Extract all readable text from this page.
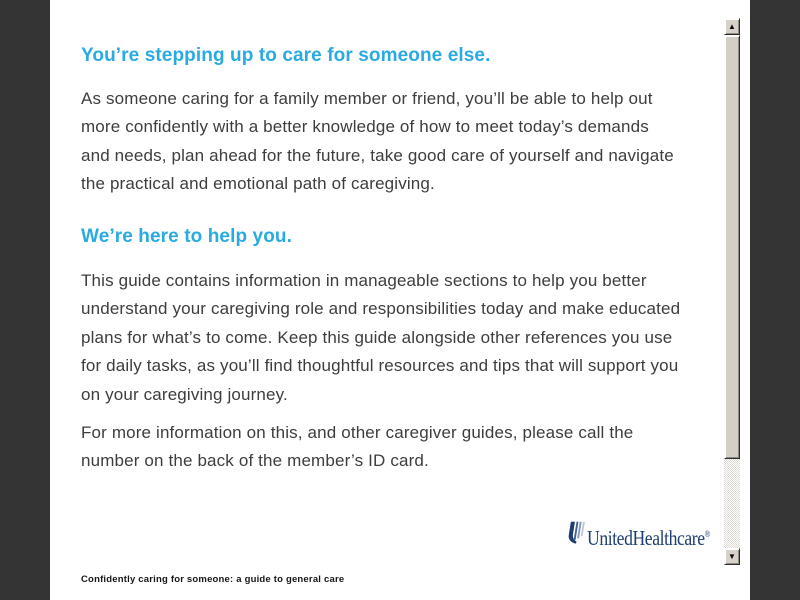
You’re stepping up to care for someone else.
As someone caring for a family member or friend, you’ll be able to help out
more confidently with a better knowledge of how to meet today’s demands
and needs, plan ahead for the future, take good care of yourself and navigate
the practical and emotional path of caregiving.
We’re here to help you.
This guide contains information in manageable sections to help you better
understand your caregiving role and responsibilities today and make educated
plans for what’s to come. Keep this guide alongside other references you use
for daily tasks, as you’ll find thoughtful resources and tips that will support you
on your caregiving journey.
For more information on this, and other caregiver guides, please call the
number on the back of the member’s ID card.
UnitedHealthcare®
Confidently caring for someone: a guide to general care
▲
▼
